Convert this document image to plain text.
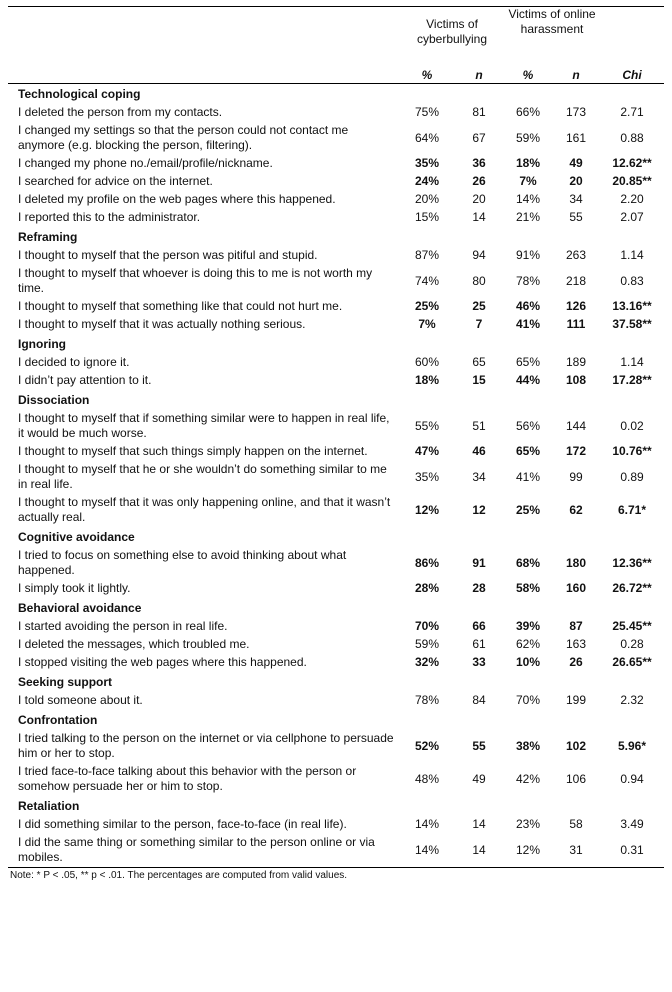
	Victims of cyberbullying		Victims of online harassment		

	%	n	%	n	Chi
Technological coping					
I deleted the person from my contacts.	75%	81	66%	173	2.71
I changed my settings so that the person could not contact me anymore (e.g. blocking the person, filtering).	64%	67	59%	161	0.88
I changed my phone no./email/profile/nickname.	35%	36	18%	49	12.62**
I searched for advice on the internet.	24%	26	7%	20	20.85**
I deleted my profile on the web pages where this happened.	20%	20	14%	34	2.20
I reported this to the administrator.	15%	14	21%	55	2.07
Reframing					
I thought to myself that the person was pitiful and stupid.	87%	94	91%	263	1.14
I thought to myself that whoever is doing this to me is not worth my time.	74%	80	78%	218	0.83
I thought to myself that something like that could not hurt me.	25%	25	46%	126	13.16**
I thought to myself that it was actually nothing serious.	7%	7	41%	111	37.58**
Ignoring					
I decided to ignore it.	60%	65	65%	189	1.14
I didn’t pay attention to it.	18%	15	44%	108	17.28**
Dissociation					
I thought to myself that if something similar were to happen in real life, it would be much worse.	55%	51	56%	144	0.02
I thought to myself that such things simply happen on the internet.	47%	46	65%	172	10.76**
I thought to myself that he or she wouldn’t do something similar to me in real life.	35%	34	41%	99	0.89
I thought to myself that it was only happening online, and that it wasn’t actually real.	12%	12	25%	62	6.71*
Cognitive avoidance					
I tried to focus on something else to avoid thinking about what happened.	86%	91	68%	180	12.36**
I simply took it lightly.	28%	28	58%	160	26.72**
Behavioral avoidance					
I started avoiding the person in real life.	70%	66	39%	87	25.45**
I deleted the messages, which troubled me.	59%	61	62%	163	0.28
I stopped visiting the web pages where this happened.	32%	33	10%	26	26.65**
Seeking support					
I told someone about it.	78%	84	70%	199	2.32
Confrontation					
I tried talking to the person on the internet or via cellphone to persuade him or her to stop.	52%	55	38%	102	5.96*
I tried face-to-face talking about this behavior with the person or somehow persuade her or him to stop.	48%	49	42%	106	0.94
Retaliation					
I did something similar to the person, face-to-face (in real life).	14%	14	23%	58	3.49
I did the same thing or something similar to the person online or via mobiles.	14%	14	12%	31	0.31
Note: * P < .05, ** p < .01. The percentages are computed from valid values.
